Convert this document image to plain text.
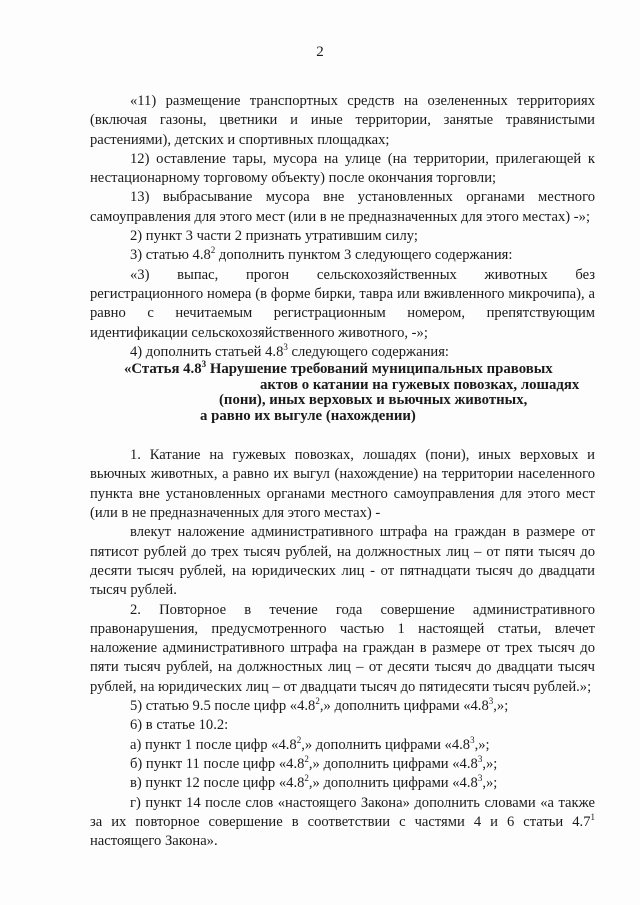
2

«11) размещение транспортных средств на озелененных территориях (включая газоны, цветники и иные территории, занятые травянистыми растениями), детских и спортивных площадках;

12) оставление тары, мусора на улице (на территории, прилегающей к нестационарному торговому объекту) после окончания торговли;

13) выбрасывание мусора вне установленных органами местного самоуправления для этого мест (или в не предназначенных для этого местах) -»;

2) пункт 3 части 2 признать утратившим силу;

3) статью $4.8^2$ дополнить пунктом 3 следующего содержания:

«3) выпас, прогон сельскохозяйственных животных без

регистрационного номера (в форме бирки, тавра или вживленного микрочипа), а равно с нечитаемым регистрационным номером, препятствующим идентификации сельскохозяйственного животного, -»;

4) дополнить статьей $4.8^3$ следующего содержания:

«Статья $4.8^3$ Нарушение требований муниципальных правовых
актов о катании на гужевых повозках, лошадях
(пони), иных верховых и вьючных животных,
а равно их выгуле (нахождении)

1. Катание на гужевых повозках, лошадях (пони), иных верховых и вьючных животных, а равно их выгул (нахождение) на территории населенного пункта вне установленных органами местного самоуправления для этого мест (или в не предназначенных для этого местах) -

влекут наложение административного штрафа на граждан в размере от пятисот рублей до трех тысяч рублей, на должностных лиц – от пяти тысяч до десяти тысяч рублей, на юридических лиц - от пятнадцати тысяч до двадцати тысяч рублей.

2. Повторное в течение года совершение административного правонарушения, предусмотренного частью 1 настоящей статьи, влечет наложение административного штрафа на граждан в размере от трех тысяч до пяти тысяч рублей, на должностных лиц – от десяти тысяч до двадцати тысяч рублей, на юридических лиц – от двадцати тысяч до пятидесяти тысяч рублей.»;

5) статью 9.5 после цифр «$4.8^2$,» дополнить цифрами «$4.8^3$,»;

6) в статье 10.2:

а) пункт 1 после цифр «$4.8^2$,» дополнить цифрами «$4.8^3$,»;

б) пункт 11 после цифр «$4.8^2$,» дополнить цифрами «$4.8^3$,»;

в) пункт 12 после цифр «$4.8^2$,» дополнить цифрами «$4.8^3$,»;

г) пункт 14 после слов «настоящего Закона» дополнить словами «а также за их повторное совершение в соответствии с частями 4 и 6 статьи $4.7^1$ настоящего Закона».
